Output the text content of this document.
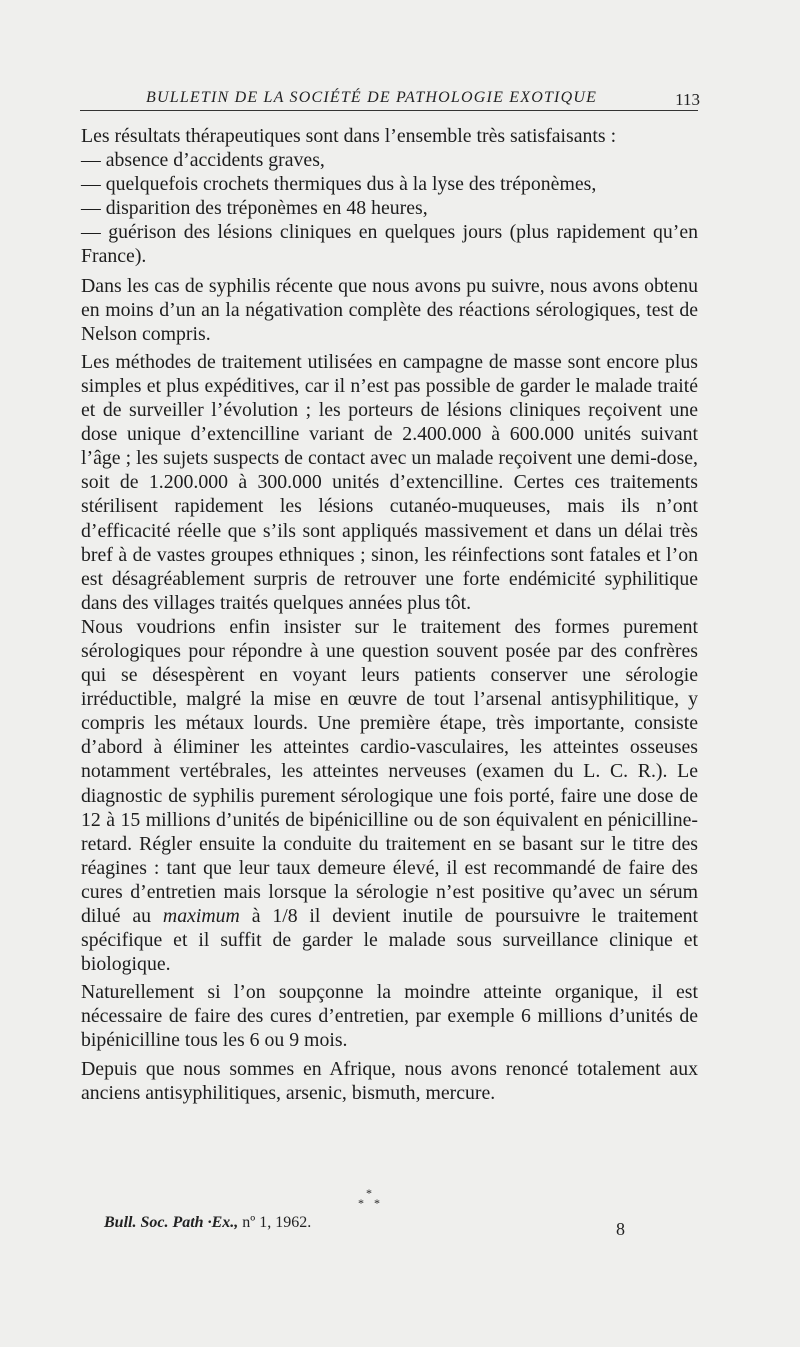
BULLETIN DE LA SOCIÉTÉ DE PATHOLOGIE EXOTIQUE	113

Les résultats thérapeutiques sont dans l’ensemble très satisfaisants :

— absence d’accidents graves,

— quelquefois crochets thermiques dus à la lyse des tréponèmes,

— disparition des tréponèmes en 48 heures,

— guérison des lésions cliniques en quelques jours (plus rapidement qu’en France).

Dans les cas de syphilis récente que nous avons pu suivre, nous avons obtenu en moins d’un an la négativation complète des réactions sérologiques, test de Nelson compris.

Les méthodes de traitement utilisées en campagne de masse sont encore plus simples et plus expéditives, car il n’est pas possible de garder le malade traité et de surveiller l’évolution ; les porteurs de lésions cliniques reçoivent une dose unique d’extencilline variant de 2.400.000 à 600.000 unités suivant l’âge ; les sujets suspects de contact avec un malade reçoivent une demi-dose, soit de 1.200.000 à 300.000 unités d’extencilline. Certes ces traitements stérilisent rapidement les lésions cutanéo-muqueuses, mais ils n’ont d’efficacité réelle que s’ils sont appliqués massivement et dans un délai très bref à de vastes groupes ethniques ; sinon, les réinfections sont fatales et l’on est désagréablement surpris de retrouver une forte endémicité syphilitique dans des villages traités quelques années plus tôt.

Nous voudrions enfin insister sur le traitement des formes purement sérologiques pour répondre à une question souvent posée par des confrères qui se désespèrent en voyant leurs patients conserver une sérologie irréductible, malgré la mise en œuvre de tout l’arsenal antisyphilitique, y compris les métaux lourds. Une première étape, très importante, consiste d’abord à éliminer les atteintes cardio-vasculaires, les atteintes osseuses notamment vertébrales, les atteintes nerveuses (examen du L. C. R.). Le diagnostic de syphilis purement sérologique une fois porté, faire une dose de 12 à 15 millions d’unités de bipénicilline ou de son équivalent en pénicilline-retard. Régler ensuite la conduite du traitement en se basant sur le titre des réagines : tant que leur taux demeure élevé, il est recommandé de faire des cures d’entretien mais lorsque la sérologie n’est positive qu’avec un sérum dilué au maximum à 1/8 il devient inutile de poursuivre le traitement spécifique et il suffit de garder le malade sous surveillance clinique et biologique.

Naturellement si l’on soupçonne la moindre atteinte organique, il est nécessaire de faire des cures d’entretien, par exemple 6 millions d’unités de bipénicilline tous les 6 ou 9 mois.

Depuis que nous sommes en Afrique, nous avons renoncé totalement aux anciens antisyphilitiques, arsenic, bismuth, mercure.

*
* *
Bull. Soc. Path ·Ex., nº 1, 1962.	8
